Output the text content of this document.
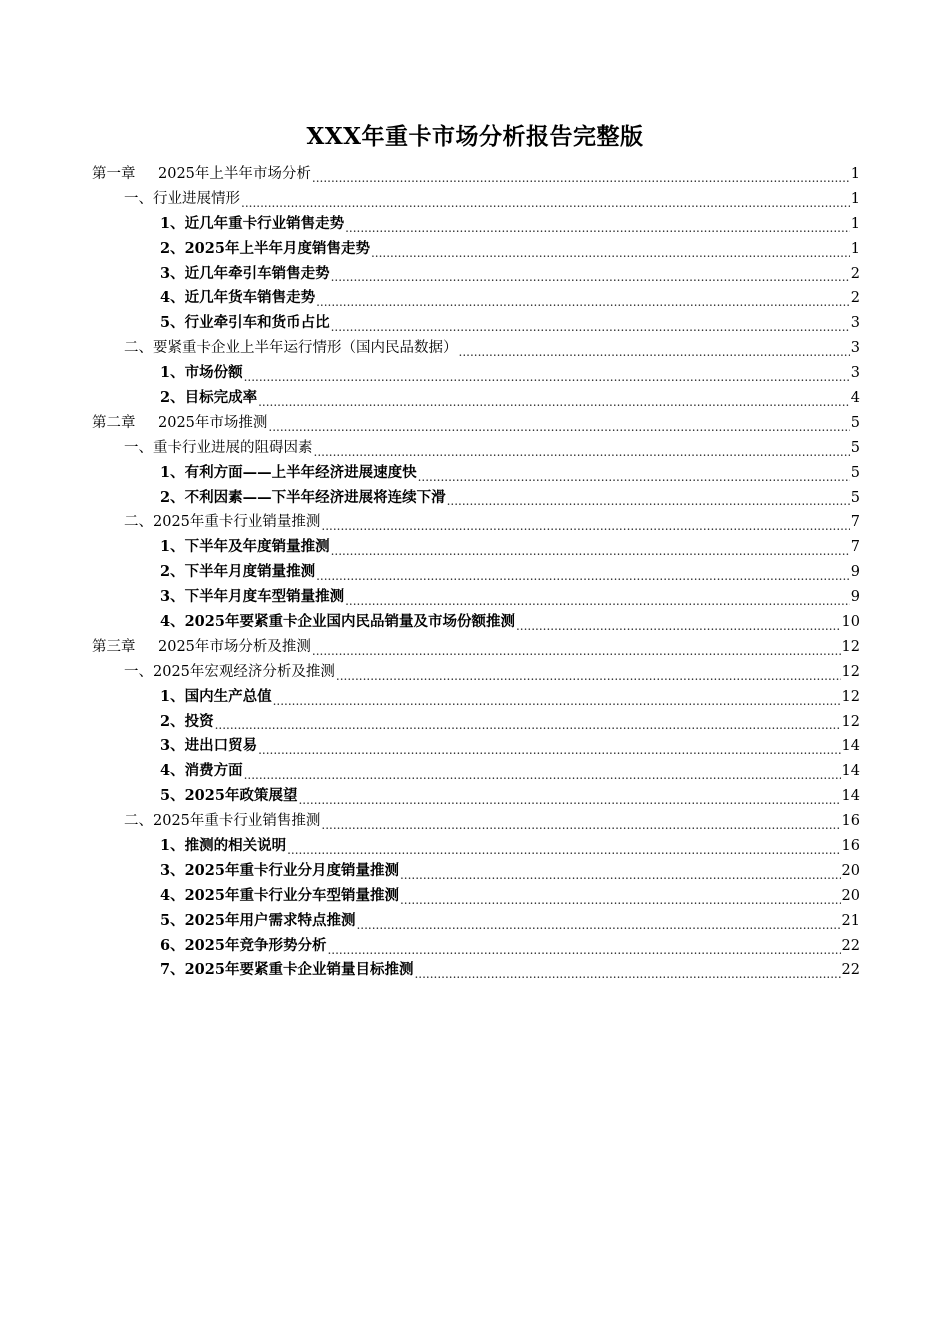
XXX年重卡市场分析报告完整版
第一章 2025年上半年市场分析 .....	1
一、行业进展情形 .....	1
1、近几年重卡行业销售走势 .....	1
2、2025年上半年月度销售走势 .....	1
3、近几年牵引车销售走势 .....	2
4、近几年货车销售走势 .....	2
5、行业牵引车和货币占比 .....	3
二、要紧重卡企业上半年运行情形（国内民品数据） .....	3
1、市场份额 .....	3
2、目标完成率 .....	4
第二章 2025年市场推测 .....	5
一、重卡行业进展的阻碍因素 .....	5
1、有利方面——上半年经济进展速度快 .....	5
2、不利因素——下半年经济进展将连续下滑 .....	5
二、2025年重卡行业销量推测 .....	7
1、下半年及年度销量推测 .....	7
2、下半年月度销量推测 .....	9
3、下半年月度车型销量推测 .....	9
4、2025年要紧重卡企业国内民品销量及市场份额推测 .....	10
第三章 2025年市场分析及推测 .....	12
一、2025年宏观经济分析及推测 .....	12
1、国内生产总值 .....	12
2、投资 .....	12
3、进出口贸易 .....	14
4、消费方面 .....	14
5、2025年政策展望 .....	14
二、2025年重卡行业销售推测 .....	16
1、推测的相关说明 .....	16
3、2025年重卡行业分月度销量推测 .....	20
4、2025年重卡行业分车型销量推测 .....	20
5、2025年用户需求特点推测 .....	21
6、2025年竞争形势分析 .....	22
7、2025年要紧重卡企业销量目标推测 .....	22
